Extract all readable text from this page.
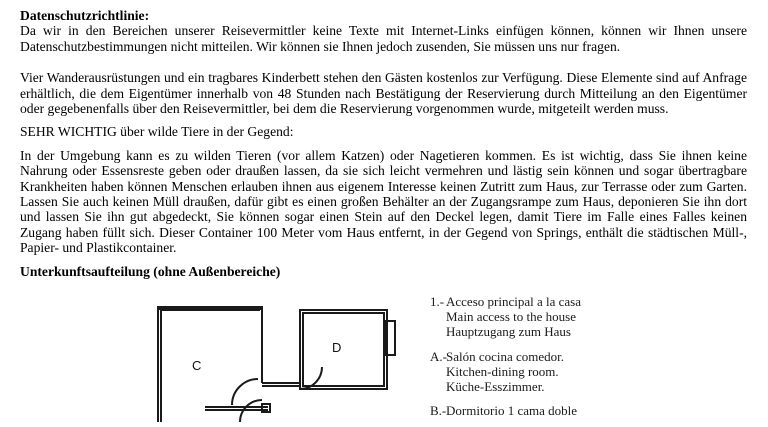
Datenschutzrichtlinie:

Da wir in den Bereichen unserer Reisevermittler keine Texte mit Internet-Links einfügen können, können wir Ihnen unsere Datenschutzbestimmungen nicht mitteilen. Wir können sie Ihnen jedoch zusenden, Sie müssen uns nur fragen.

Vier Wanderausrüstungen und ein tragbares Kinderbett stehen den Gästen kostenlos zur Verfügung. Diese Elemente sind auf Anfrage erhältlich, die dem Eigentümer innerhalb von 48 Stunden nach Bestätigung der Reservierung durch Mitteilung an den Eigentümer oder gegebenenfalls über den Reisevermittler, bei dem die Reservierung vorgenommen wurde, mitgeteilt werden muss.

SEHR WICHTIG über wilde Tiere in der Gegend:

In der Umgebung kann es zu wilden Tieren (vor allem Katzen) oder Nagetieren kommen. Es ist wichtig, dass Sie ihnen keine Nahrung oder Essensreste geben oder draußen lassen, da sie sich leicht vermehren und lästig sein können und sogar übertragbare Krankheiten haben können Menschen erlauben ihnen aus eigenem Interesse keinen Zutritt zum Haus, zur Terrasse oder zum Garten. Lassen Sie auch keinen Müll draußen, dafür gibt es einen großen Behälter an der Zugangsrampe zum Haus, deponieren Sie ihn dort und lassen Sie ihn gut abgedeckt, Sie können sogar einen Stein auf den Deckel legen, damit Tiere im Falle eines Falles keinen Zugang haben füllt sich. Dieser Container 100 Meter vom Haus entfernt, in der Gegend von Springs, enthält die städtischen Müll-, Papier- und Plastikcontainer.

Unterkunftsaufteilung (ohne Außenbereiche)

C
D
1.- Acceso principal a la casa
Main access to the house
Hauptzugang zum Haus
A.- Salón cocina comedor.
Kitchen-dining room.
Küche-Esszimmer.
B.- Dormitorio 1 cama doble
